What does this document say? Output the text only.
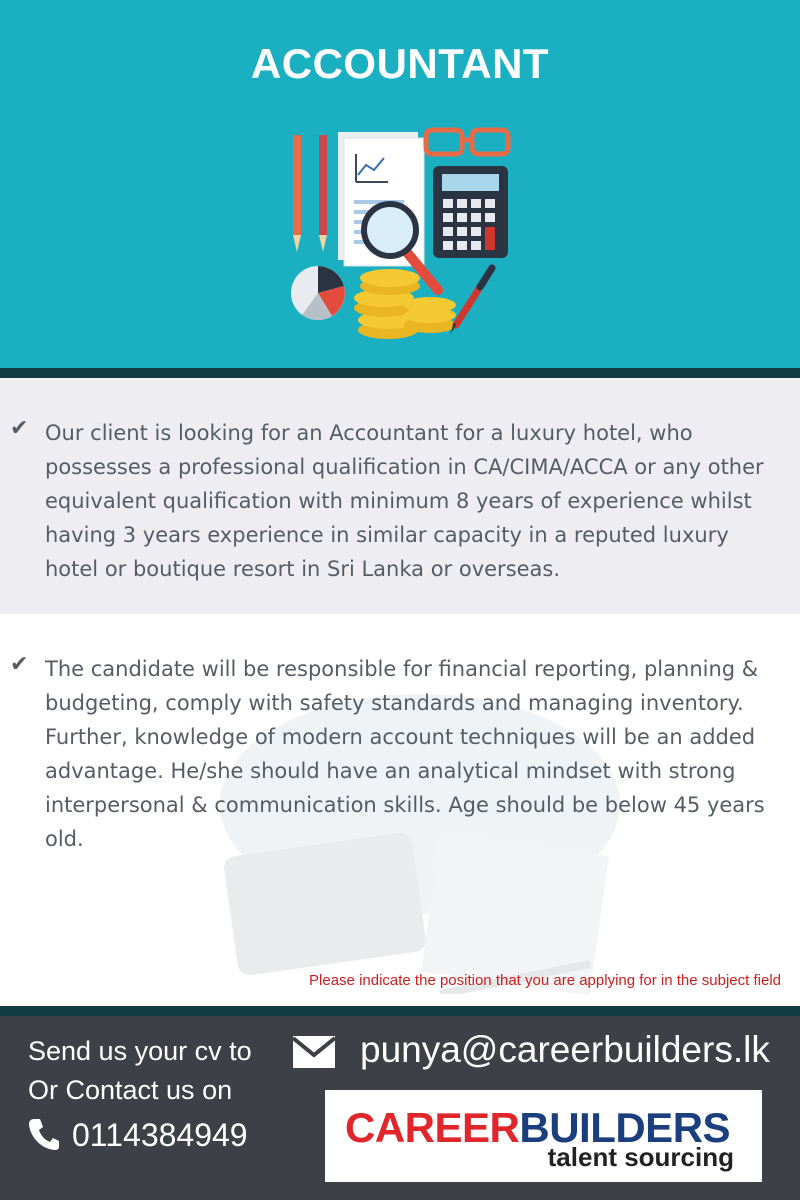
ACCOUNTANT
✔ Our client is looking for an Accountant for a luxury hotel, who possesses a professional qualification in CA/CIMA/ACCA or any other equivalent qualification with minimum 8 years of experience whilst having 3 years experience in similar capacity in a reputed luxury hotel or boutique resort in Sri Lanka or overseas.

✔ The candidate will be responsible for financial reporting, planning & budgeting, comply with safety standards and managing inventory. Further, knowledge of modern account techniques will be an added advantage. He/she should have an analytical mindset with strong interpersonal & communication skills. Age should be below 45 years old.

Please indicate the position that you are applying for in the subject field
Send us your cv to	punya@careerbuilders.lk
Or Contact us on
0114384949 CAREERBUILDERS
talent sourcing
